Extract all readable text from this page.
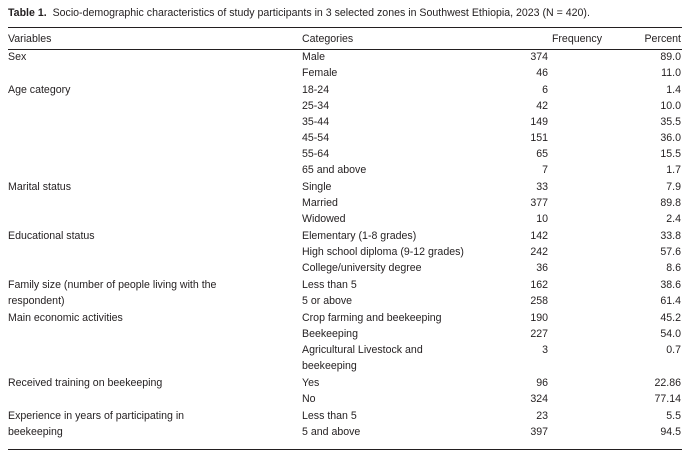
Table 1. Socio-demographic characteristics of study participants in 3 selected zones in Southwest Ethiopia, 2023 (N = 420).
Variables	Categories	Frequency	Percent
Sex	Male	374	89.0
	Female	46	11.0
Age category	18-24	6	1.4
	25-34	42	10.0
	35-44	149	35.5
	45-54	151	36.0
	55-64	65	15.5
	65 and above	7	1.7
Marital status	Single	33	7.9
	Married	377	89.8
	Widowed	10	2.4
Educational status	Elementary (1-8 grades)	142	33.8
	High school diploma (9-12 grades)	242	57.6
	College/university degree	36	8.6
Family size (number of people living with the	Less than 5	162	38.6
respondent)	5 or above	258	61.4
Main economic activities	Crop farming and beekeeping	190	45.2
	Beekeeping	227	54.0
	Agricultural Livestock and	3	0.7
	beekeeping		
Received training on beekeeping	Yes	96	22.86
	No	324	77.14
Experience in years of participating in	Less than 5	23	5.5
beekeeping	5 and above	397	94.5
